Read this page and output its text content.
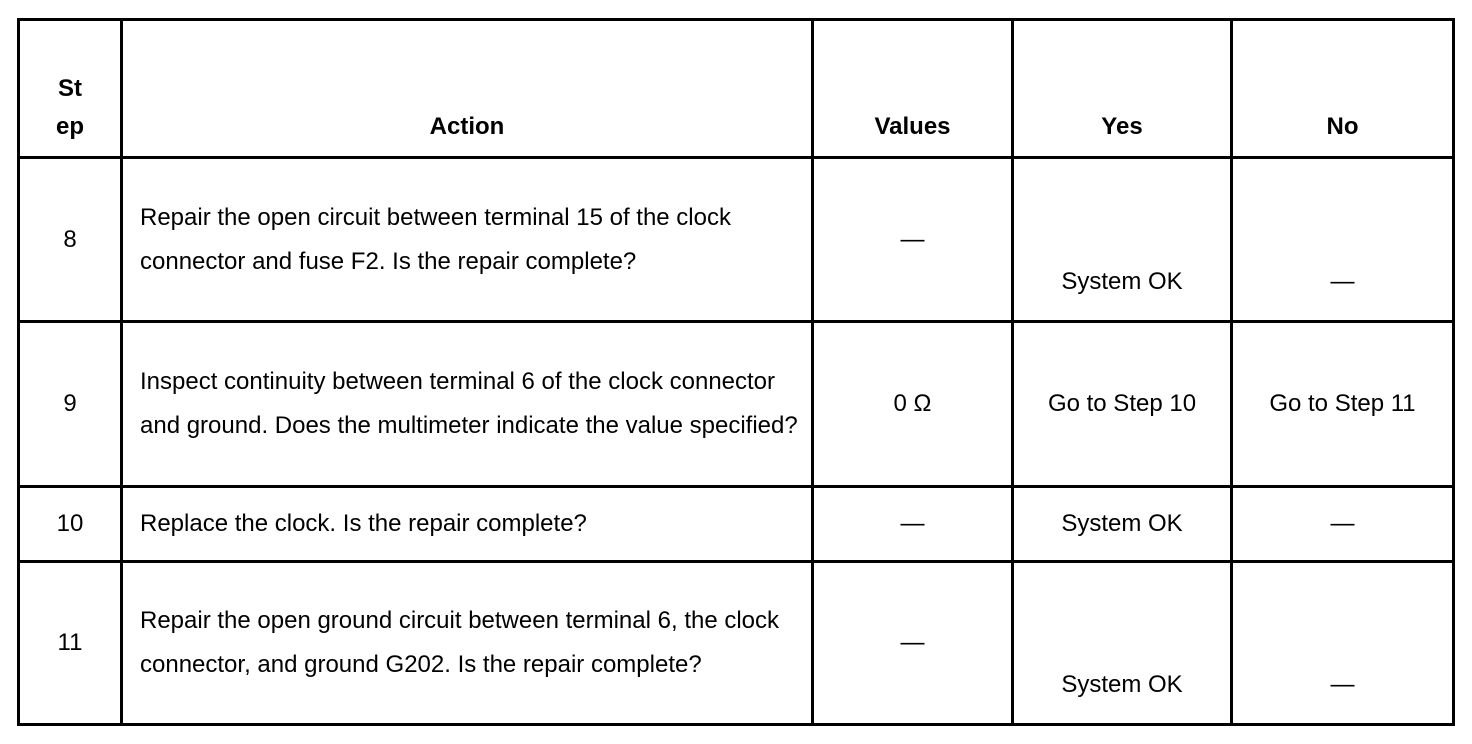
St
ep	Action	Values	Yes	No
8	Repair the open circuit between terminal 15 of the clock connector and fuse F2. Is the repair complete?	—	System OK	—
9	Inspect continuity between terminal 6 of the clock connector and ground. Does the multimeter indicate the value specified?	0 Ω	Go to Step 10	Go to Step 11
10	Replace the clock. Is the repair complete?	—	System OK	—
11	Repair the open ground circuit between terminal 6, the clock connector, and ground G202. Is the repair complete?	—	System OK	—
